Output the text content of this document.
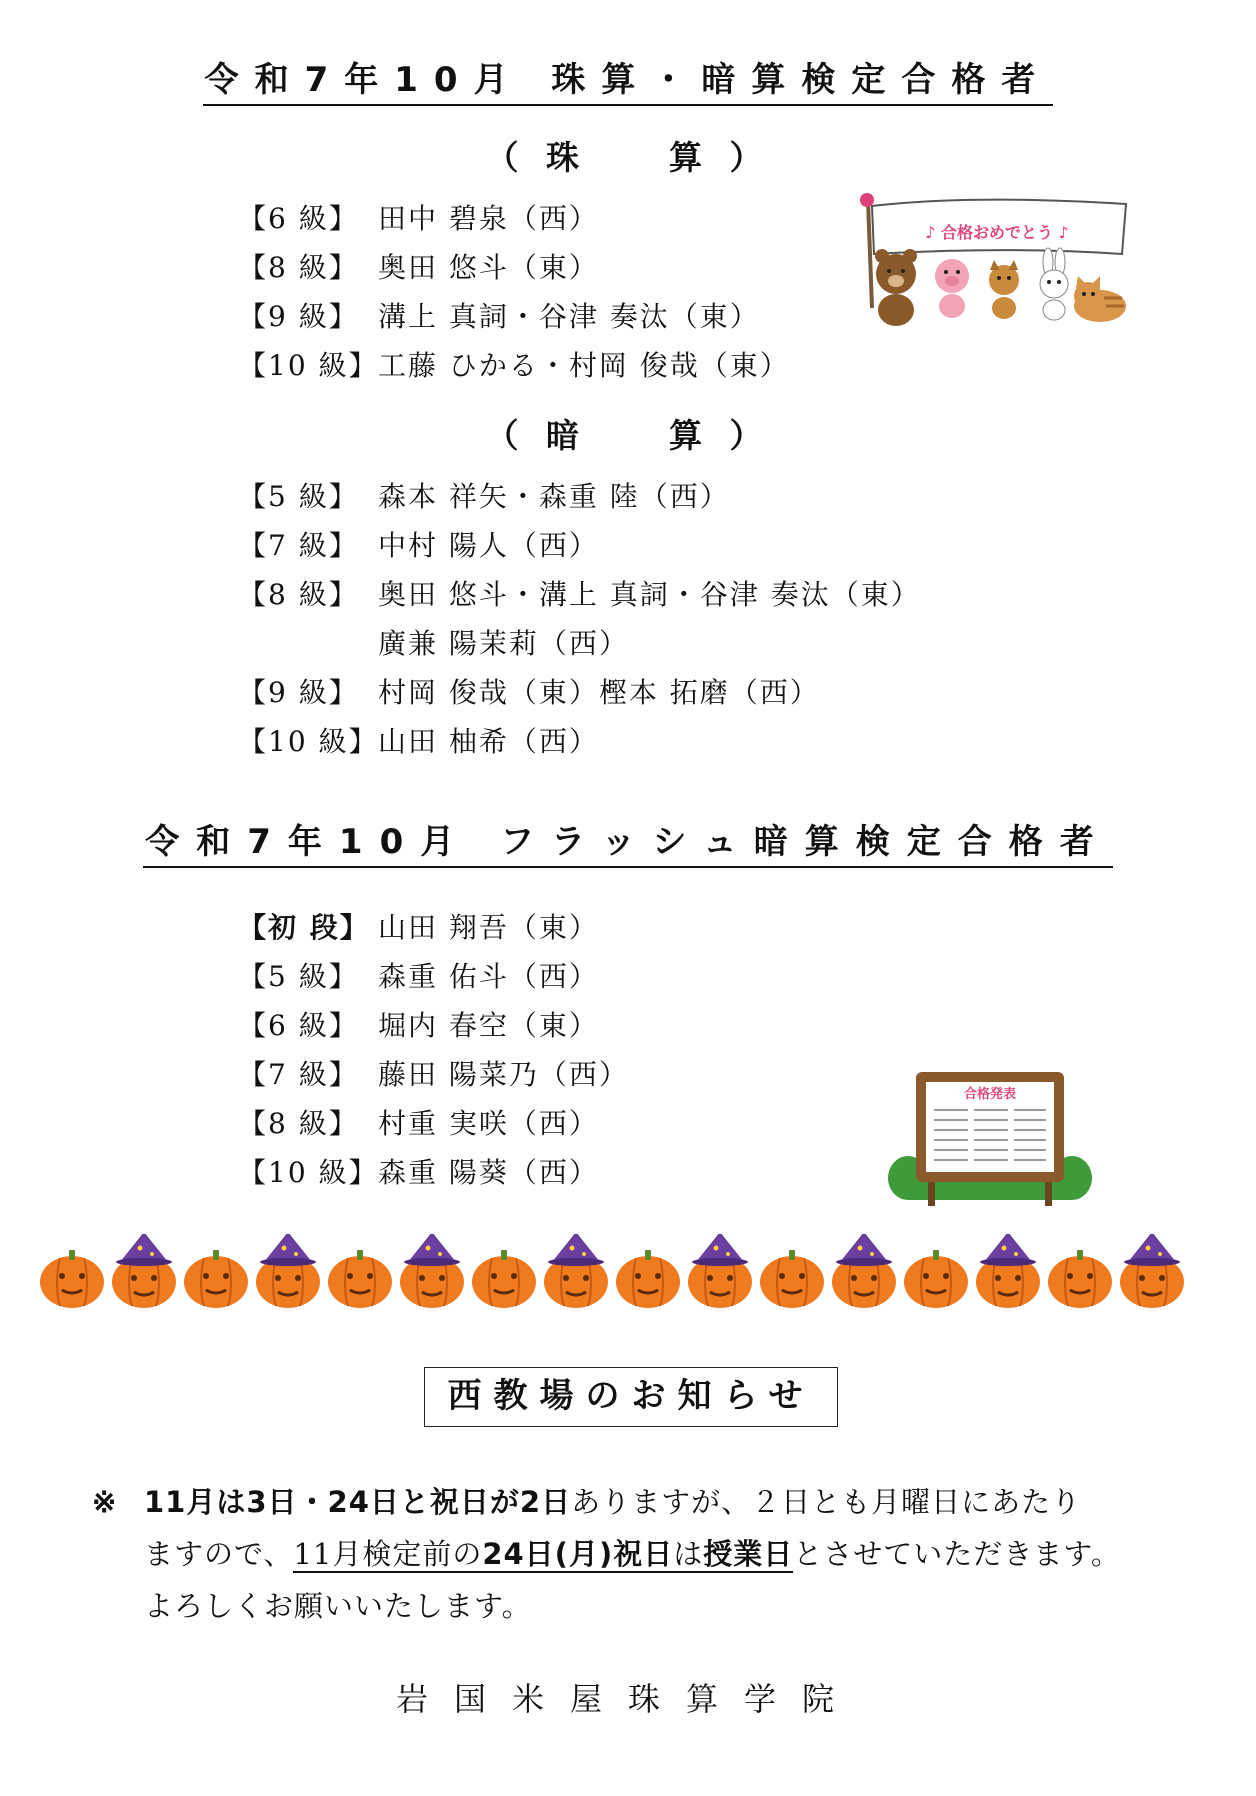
令和7年10月 珠算・暗算検定合格者
（ 珠　　算 ）
【6 級】 田中 碧泉（西）
【8 級】 奥田 悠斗（東）
【9 級】 溝上 真詞・谷津 奏汰（東）
【10 級】工藤 ひかる・村岡 俊哉（東）
（ 暗　　算 ）
【5 級】 森本 祥矢・森重 陸（西）
【7 級】 中村 陽人（西）
【8 級】 奥田 悠斗・溝上 真詞・谷津 奏汰（東）
廣兼 陽茉莉（西）
【9 級】 村岡 俊哉（東）樫本 拓磨（西）
【10 級】山田 柚希（西）
令和7年10月 フラッシュ暗算検定合格者
【初 段】 山田 翔吾（東）
【5 級】 森重 佑斗（西）
【6 級】 堀内 春空（東）
【7 級】 藤田 陽菜乃（西）
【8 級】 村重 実咲（西）
【10 級】森重 陽葵（西）
♪ 合格おめでとう ♪
合格発表
西教場のお知らせ
※ 11月は3日・24日と祝日が2日ありますが、２日とも月曜日にあたり
ますので、11月検定前の24日(月)祝日は授業日とさせていただきます。
よろしくお願いいたします。
岩国米屋珠算学院
